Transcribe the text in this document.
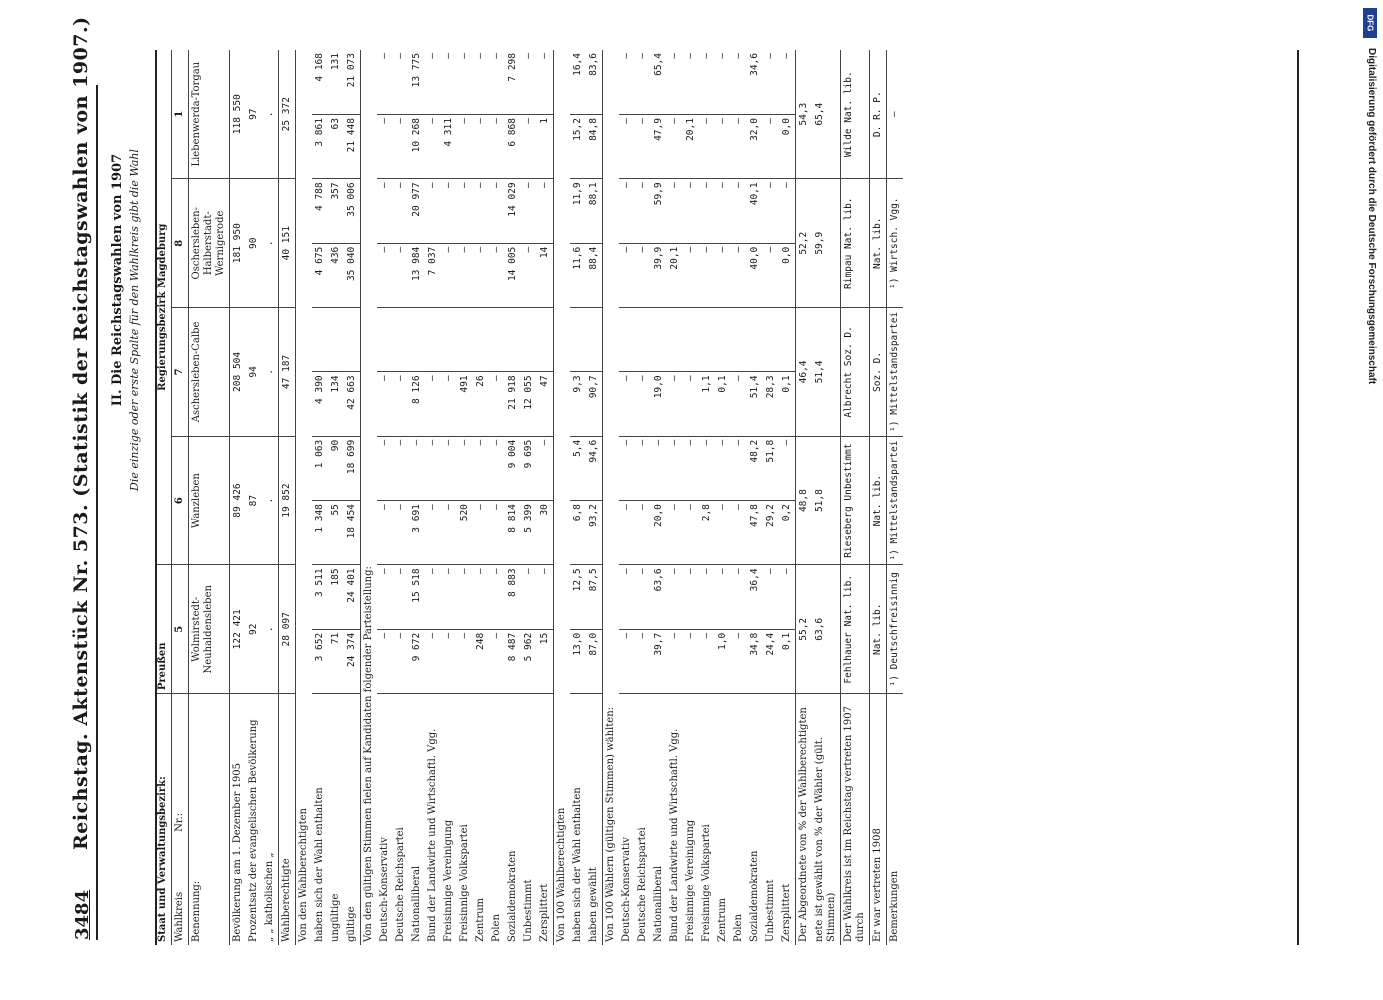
3484
Reichstag. Aktenstück Nr. 573. (Statistik der Reichstagswahlen von 1907.) II. Die Reichstagswahlen von 1907 Die einzige oder erste Spalte für den Wahlkreis gibt die Wahl
Staat und Verwaltungsbezirk:	Preußen		Regierungsbezirk Magdeburg							
WahlkreisNr.:	5		6		7		8		1	
Benennung:	Wolmirstedt-Neuhaldensleben		Wanzleben		Aschersleben-Calbe		Oschersleben-Halberstadt-Wernigerode		Liebenwerda-Torgau	
Bevölkerung am 1. Dezember 1905	122 421		89 426		208 504		181 950		118 550	
Prozentsatz der evangelischen Bevölkerung	92		87		94		90		97	
„ „ katholischen „	.		.		.		.		.	
Wahlberechtigte	28 097		19 852		47 187		40 151		25 372	
Von den Wahlberechtigten										
haben sich der Wahl enthalten	3 652	3 511	1 348	1 063	4 390		4 675	4 788	3 861	4 168
ungültige	71	185	55	90	134		436	357	63	131
gültige	24 374	24 401	18 454	18 699	42 663		35 040	35 006	21 448	21 073
Von den gültigen Stimmen fielen auf Kandidaten folgender Parteistellung:										
Deutsch-Konservativ	—	—	—	—	—		—	—	—	—
Deutsche Reichspartei	—	—	—	—	—		—	—	—	—
Nationalliberal	9 672	15 518	3 691	—	8 126		13 984	20 977	10 268	13 775
Bund der Landwirte und Wirtschaftl. Vgg.	—	—	—	—	—		7 037	—	—	—
Freisinnige Vereinigung	—	—	—	—	—		—	—	4 311	—
Freisinnige Volkspartei	—	—	520	—	491		—	—	—	—
Zentrum	248	—	—	—	26		—	—	—	—
Polen	—	—	—	—	—		—	—	—	—
Sozialdemokraten	8 487	8 883	8 814	9 004	21 918		14 005	14 029	6 868	7 298
Unbestimmt	5 962	—	5 399	9 695	12 055		—	—	—	—
Zersplittert	15	—	30	—	47		14	—	1	—
Von 100 Wahlberechtigten										
haben sich der Wahl enthalten	13,0	12,5	6,8	5,4	9,3		11,6	11,9	15,2	16,4
haben gewählt	87,0	87,5	93,2	94,6	90,7		88,4	88,1	84,8	83,6
Von 100 Wählern (gültigen Stimmen) wählten:										
Deutsch-Konservativ	—	—	—	—	—		—	—	—	—
Deutsche Reichspartei	—	—	—	—	—		—	—	—	—
Nationalliberal	39,7	63,6	20,0	—	19,0		39,9	59,9	47,9	65,4
Bund der Landwirte und Wirtschaftl. Vgg.	—	—	—	—	—		20,1	—	—	—
Freisinnige Vereinigung	—	—	—	—	—		—	—	20,1	—
Freisinnige Volkspartei	—	—	2,8	—	1,1		—	—	—	—
Zentrum	1,0	—	—	—	0,1		—	—	—	—
Polen	—	—	—	—	—		—	—	—	—
Sozialdemokraten	34,8	36,4	47,8	48,2	51,4		40,0	40,1	32,0	34,6
Unbestimmt	24,4	—	29,2	51,8	28,3		—	—	—	—
Zersplittert	0,1	—	0,2	—	0,1		0,0	—	0,0	—
Der Abgeordnete von % der Wahlberechtigten	55,2		48,8		46,4		52,2		54,3	
nete ist gewählt von % der Wähler (gült. Stimmen)	63,6		51,8		51,4		59,9		65,4	
Der Wahlkreis ist im Reichstag vertreten 1907 durch	Fehlhauer Nat. lib.		Rieseberg Unbestimmt		Albrecht Soz. D.		Rimpau Nat. lib.		Wilde Nat. lib.	
Er war vertreten 1908	Nat. lib.		Nat. lib.		Soz. D.		Nat. lib.		D. R. P.	
Bemerkungen	¹) Deutschfreisinnig		¹) Mittelstandspartei		¹) Mittelstandspartei		¹) Wirtsch. Vgg.		—	
DFG
Digitalisierung gefördert durch die Deutsche Forschungsgemeinschaft
